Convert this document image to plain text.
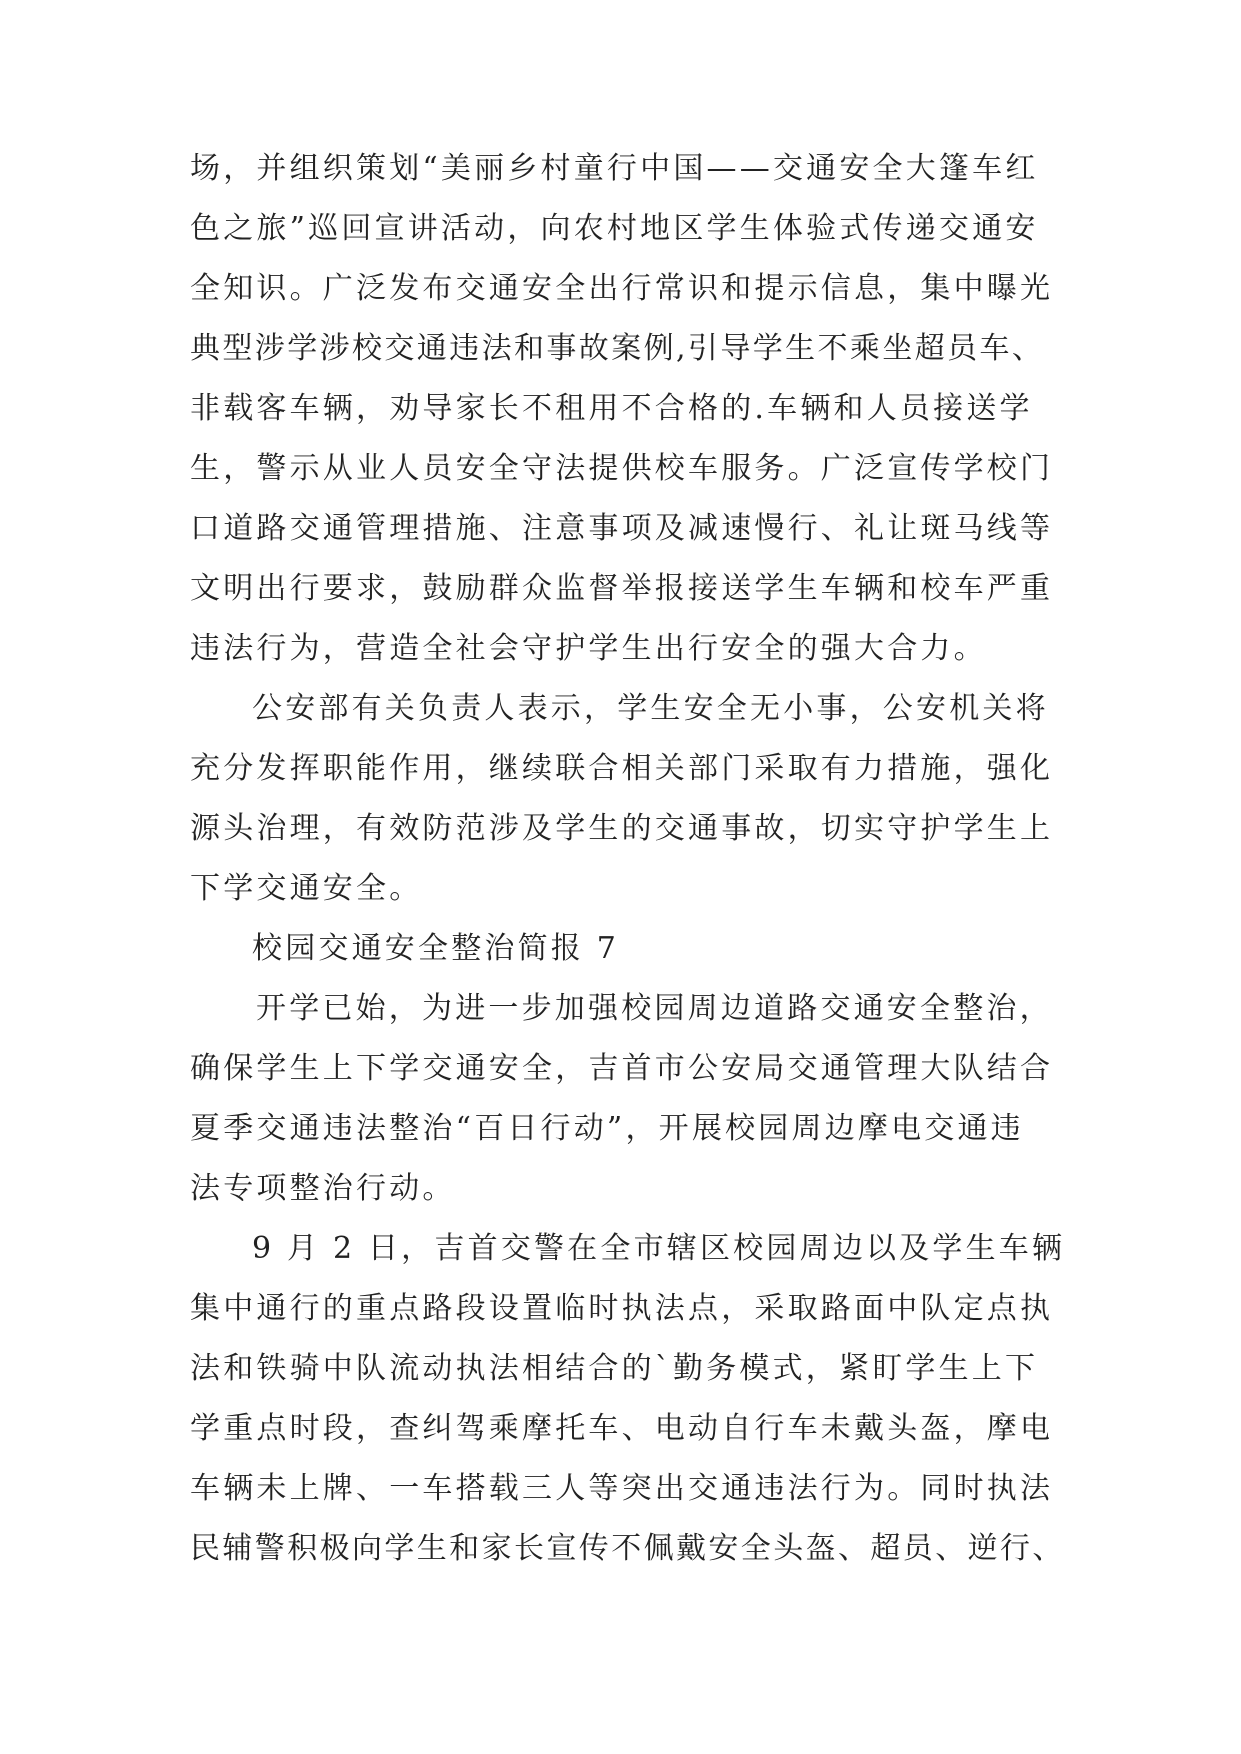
场，并组织策划“美丽乡村童行中国——交通安全大篷车红
色之旅”巡回宣讲活动，向农村地区学生体验式传递交通安
全知识。广泛发布交通安全出行常识和提示信息，集中曝光
典型涉学涉校交通违法和事故案例,引导学生不乘坐超员车、
非载客车辆，劝导家长不租用不合格的.车辆和人员接送学
生，警示从业人员安全守法提供校车服务。广泛宣传学校门
口道路交通管理措施、注意事项及减速慢行、礼让斑马线等
文明出行要求，鼓励群众监督举报接送学生车辆和校车严重
违法行为，营造全社会守护学生出行安全的强大合力。
公安部有关负责人表示，学生安全无小事，公安机关将
充分发挥职能作用，继续联合相关部门采取有力措施，强化
源头治理，有效防范涉及学生的交通事故，切实守护学生上
下学交通安全。
校园交通安全整治简报 7
开学已始，为进一步加强校园周边道路交通安全整治，
确保学生上下学交通安全，吉首市公安局交通管理大队结合
夏季交通违法整治“百日行动”，开展校园周边摩电交通违
法专项整治行动。
9 月 2 日，吉首交警在全市辖区校园周边以及学生车辆
集中通行的重点路段设置临时执法点，采取路面中队定点执
法和铁骑中队流动执法相结合的`勤务模式，紧盯学生上下
学重点时段，查纠驾乘摩托车、电动自行车未戴头盔，摩电
车辆未上牌、一车搭载三人等突出交通违法行为。同时执法
民辅警积极向学生和家长宣传不佩戴安全头盔、超员、逆行、
